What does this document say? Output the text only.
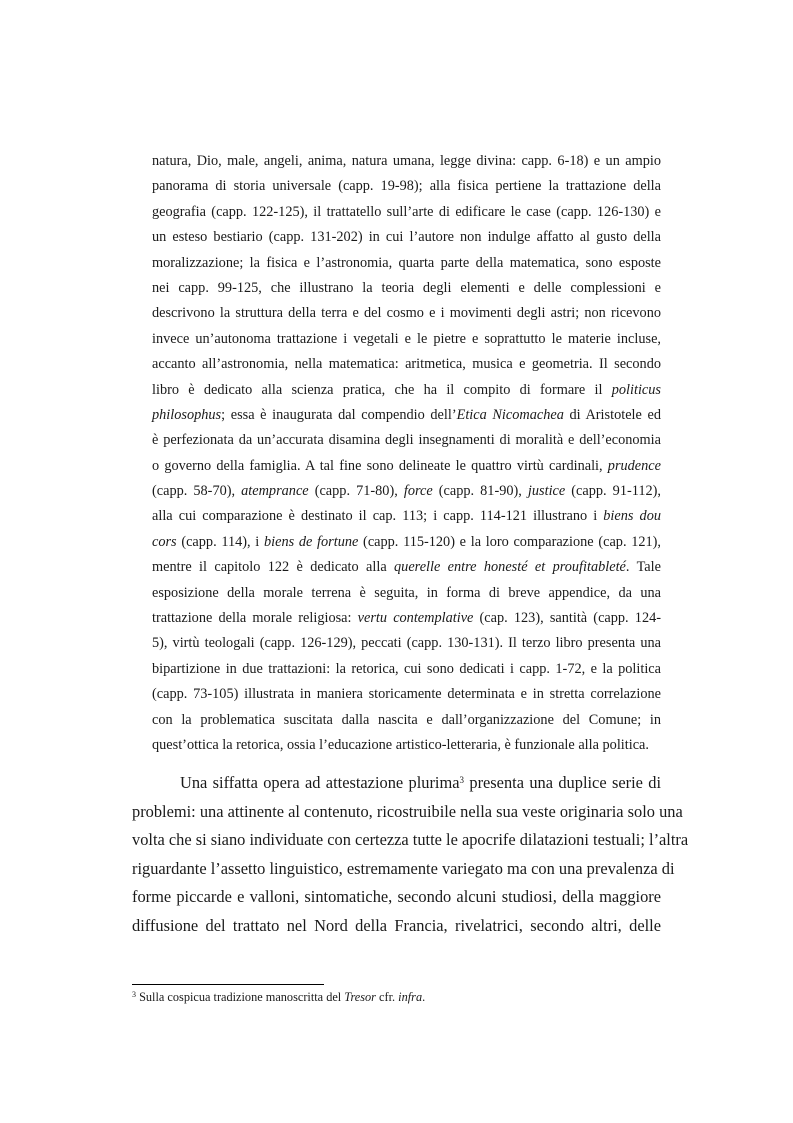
natura, Dio, male, angeli, anima, natura umana, legge divina: capp. 6-18) e un ampio
panorama di storia universale (capp. 19-98); alla fisica pertiene la trattazione della
geografia (capp. 122-125), il trattatello sull’arte di edificare le case (capp. 126-130) e
un esteso bestiario (capp. 131-202) in cui l’autore non indulge affatto al gusto della
moralizzazione; la fisica e l’astronomia, quarta parte della matematica, sono esposte
nei capp. 99-125, che illustrano la teoria degli elementi e delle complessioni e
descrivono la struttura della terra e del cosmo e i movimenti degli astri; non ricevono
invece un’autonoma trattazione i vegetali e le pietre e soprattutto le materie incluse,
accanto all’astronomia, nella matematica: aritmetica, musica e geometria. Il secondo
libro è dedicato alla scienza pratica, che ha il compito di formare il politicus
philosophus; essa è inaugurata dal compendio dell’Etica Nicomachea di Aristotele ed
è perfezionata da un’accurata disamina degli insegnamenti di moralità e dell’economia
o governo della famiglia. A tal fine sono delineate le quattro virtù cardinali, prudence
(capp. 58-70), atemprance (capp. 71-80), force (capp. 81-90), justice (capp. 91-112),
alla cui comparazione è destinato il cap. 113; i capp. 114-121 illustrano i biens dou
cors (capp. 114), i biens de fortune (capp. 115-120) e la loro comparazione (cap. 121),
mentre il capitolo 122 è dedicato alla querelle entre honesté et proufitableté. Tale
esposizione della morale terrena è seguita, in forma di breve appendice, da una
trattazione della morale religiosa: vertu contemplative (cap. 123), santità (capp. 124-
5), virtù teologali (capp. 126-129), peccati (capp. 130-131). Il terzo libro presenta una
bipartizione in due trattazioni: la retorica, cui sono dedicati i capp. 1-72, e la politica
(capp. 73-105) illustrata in maniera storicamente determinata e in stretta correlazione
con la problematica suscitata dalla nascita e dall’organizzazione del Comune; in
quest’ottica la retorica, ossia l’educazione artistico-letteraria, è funzionale alla politica.
Una siffatta opera ad attestazione plurima$^3$ presenta una duplice serie di
problemi: una attinente al contenuto, ricostruibile nella sua veste originaria solo una
volta che si siano individuate con certezza tutte le apocrife dilatazioni testuali; l’altra
riguardante l’assetto linguistico, estremamente variegato ma con una prevalenza di
forme piccarde e valloni, sintomatiche, secondo alcuni studiosi, della maggiore
diffusione del trattato nel Nord della Francia, rivelatrici, secondo altri, delle
$^3$ Sulla cospicua tradizione manoscritta del Tresor cfr. infra.
